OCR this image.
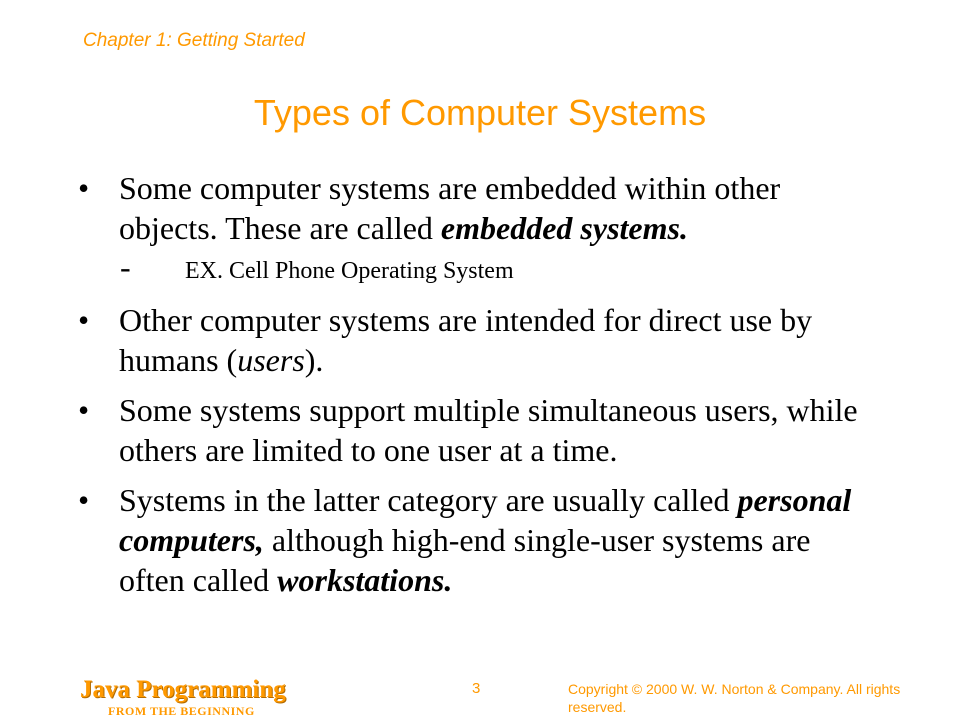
Chapter 1: Getting Started
Types of Computer Systems
• Some computer systems are embedded within other objects. These are called embedded systems.
- EX. Cell Phone Operating System
• Other computer systems are intended for direct use by humans (users).
• Some systems support multiple simultaneous users, while others are limited to one user at a time.
• Systems in the latter category are usually called personal computers, although high-end single-user systems are often called workstations.
Java Programming
FROM THE BEGINNING
3	Copyright © 2000 W. W. Norton & Company. All rights reserved.
